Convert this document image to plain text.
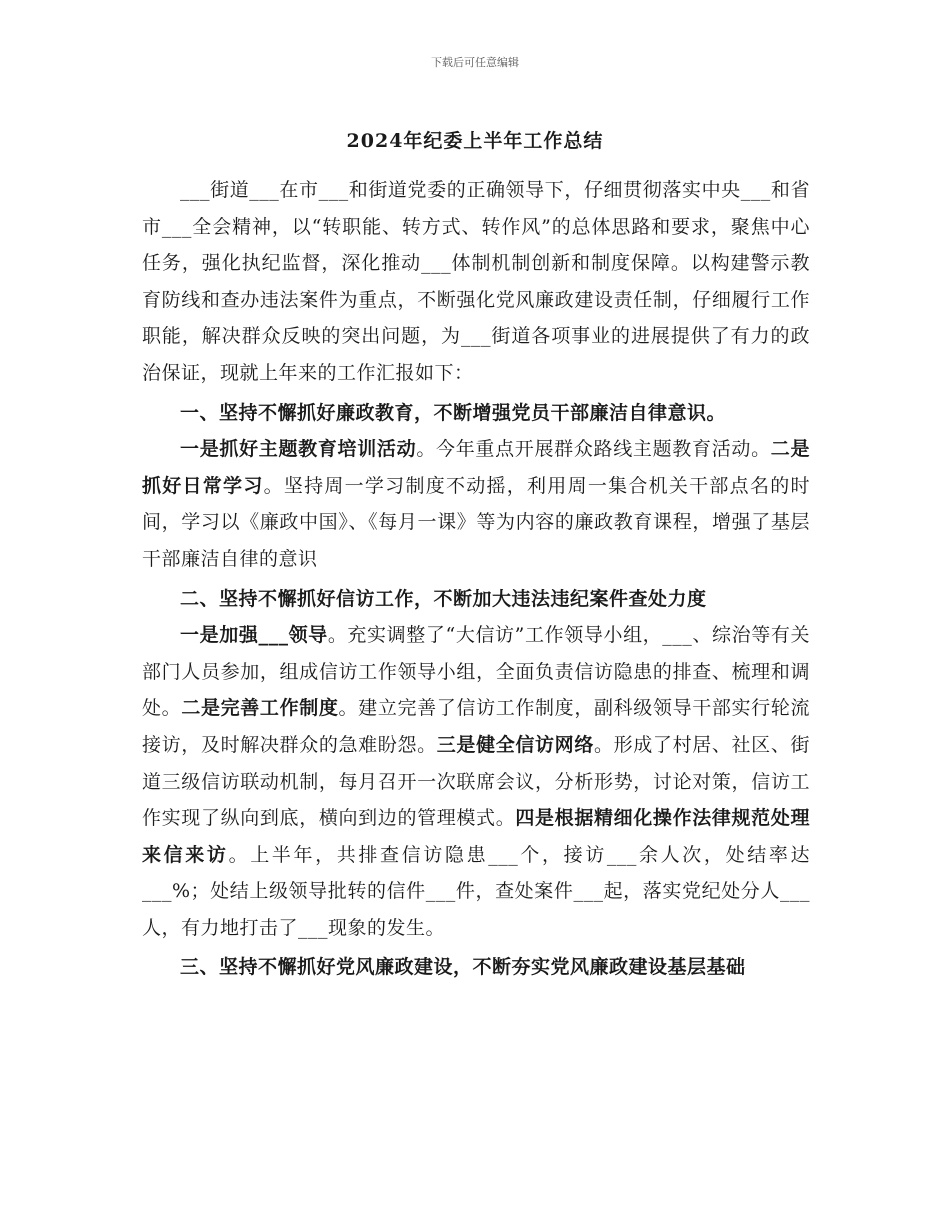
下载后可任意编辑
2024年纪委上半年工作总结

___街道___在市___和街道党委的正确领导下，仔细贯彻落实中央___和省市___全会精神，以“转职能、转方式、转作风”的总体思路和要求，聚焦中心任务，强化执纪监督，深化推动___体制机制创新和制度保障。以构建警示教育防线和查办违法案件为重点，不断强化党风廉政建设责任制，仔细履行工作职能，解决群众反映的突出问题，为___街道各项事业的进展提供了有力的政治保证，现就上年来的工作汇报如下：

一、坚持不懈抓好廉政教育，不断增强党员干部廉洁自律意识。

一是抓好主题教育培训活动。今年重点开展群众路线主题教育活动。二是抓好日常学习。坚持周一学习制度不动摇，利用周一集合机关干部点名的时间，学习以《廉政中国》、《每月一课》等为内容的廉政教育课程，增强了基层干部廉洁自律的意识

二、坚持不懈抓好信访工作，不断加大违法违纪案件查处力度

一是加强___领导。充实调整了“大信访”工作领导小组，___、综治等有关部门人员参加，组成信访工作领导小组，全面负责信访隐患的排查、梳理和调处。二是完善工作制度。建立完善了信访工作制度，副科级领导干部实行轮流接访，及时解决群众的急难盼怨。三是健全信访网络。形成了村居、社区、街道三级信访联动机制，每月召开一次联席会议，分析形势，讨论对策，信访工作实现了纵向到底，横向到边的管理模式。四是根据精细化操作法律规范处理来信来访。上半年，共排查信访隐患___个，接访___余人次，处结率达___%；处结上级领导批转的信件___件，查处案件___起，落实党纪处分人___人，有力地打击了___现象的发生。

三、坚持不懈抓好党风廉政建设，不断夯实党风廉政建设基层基础
